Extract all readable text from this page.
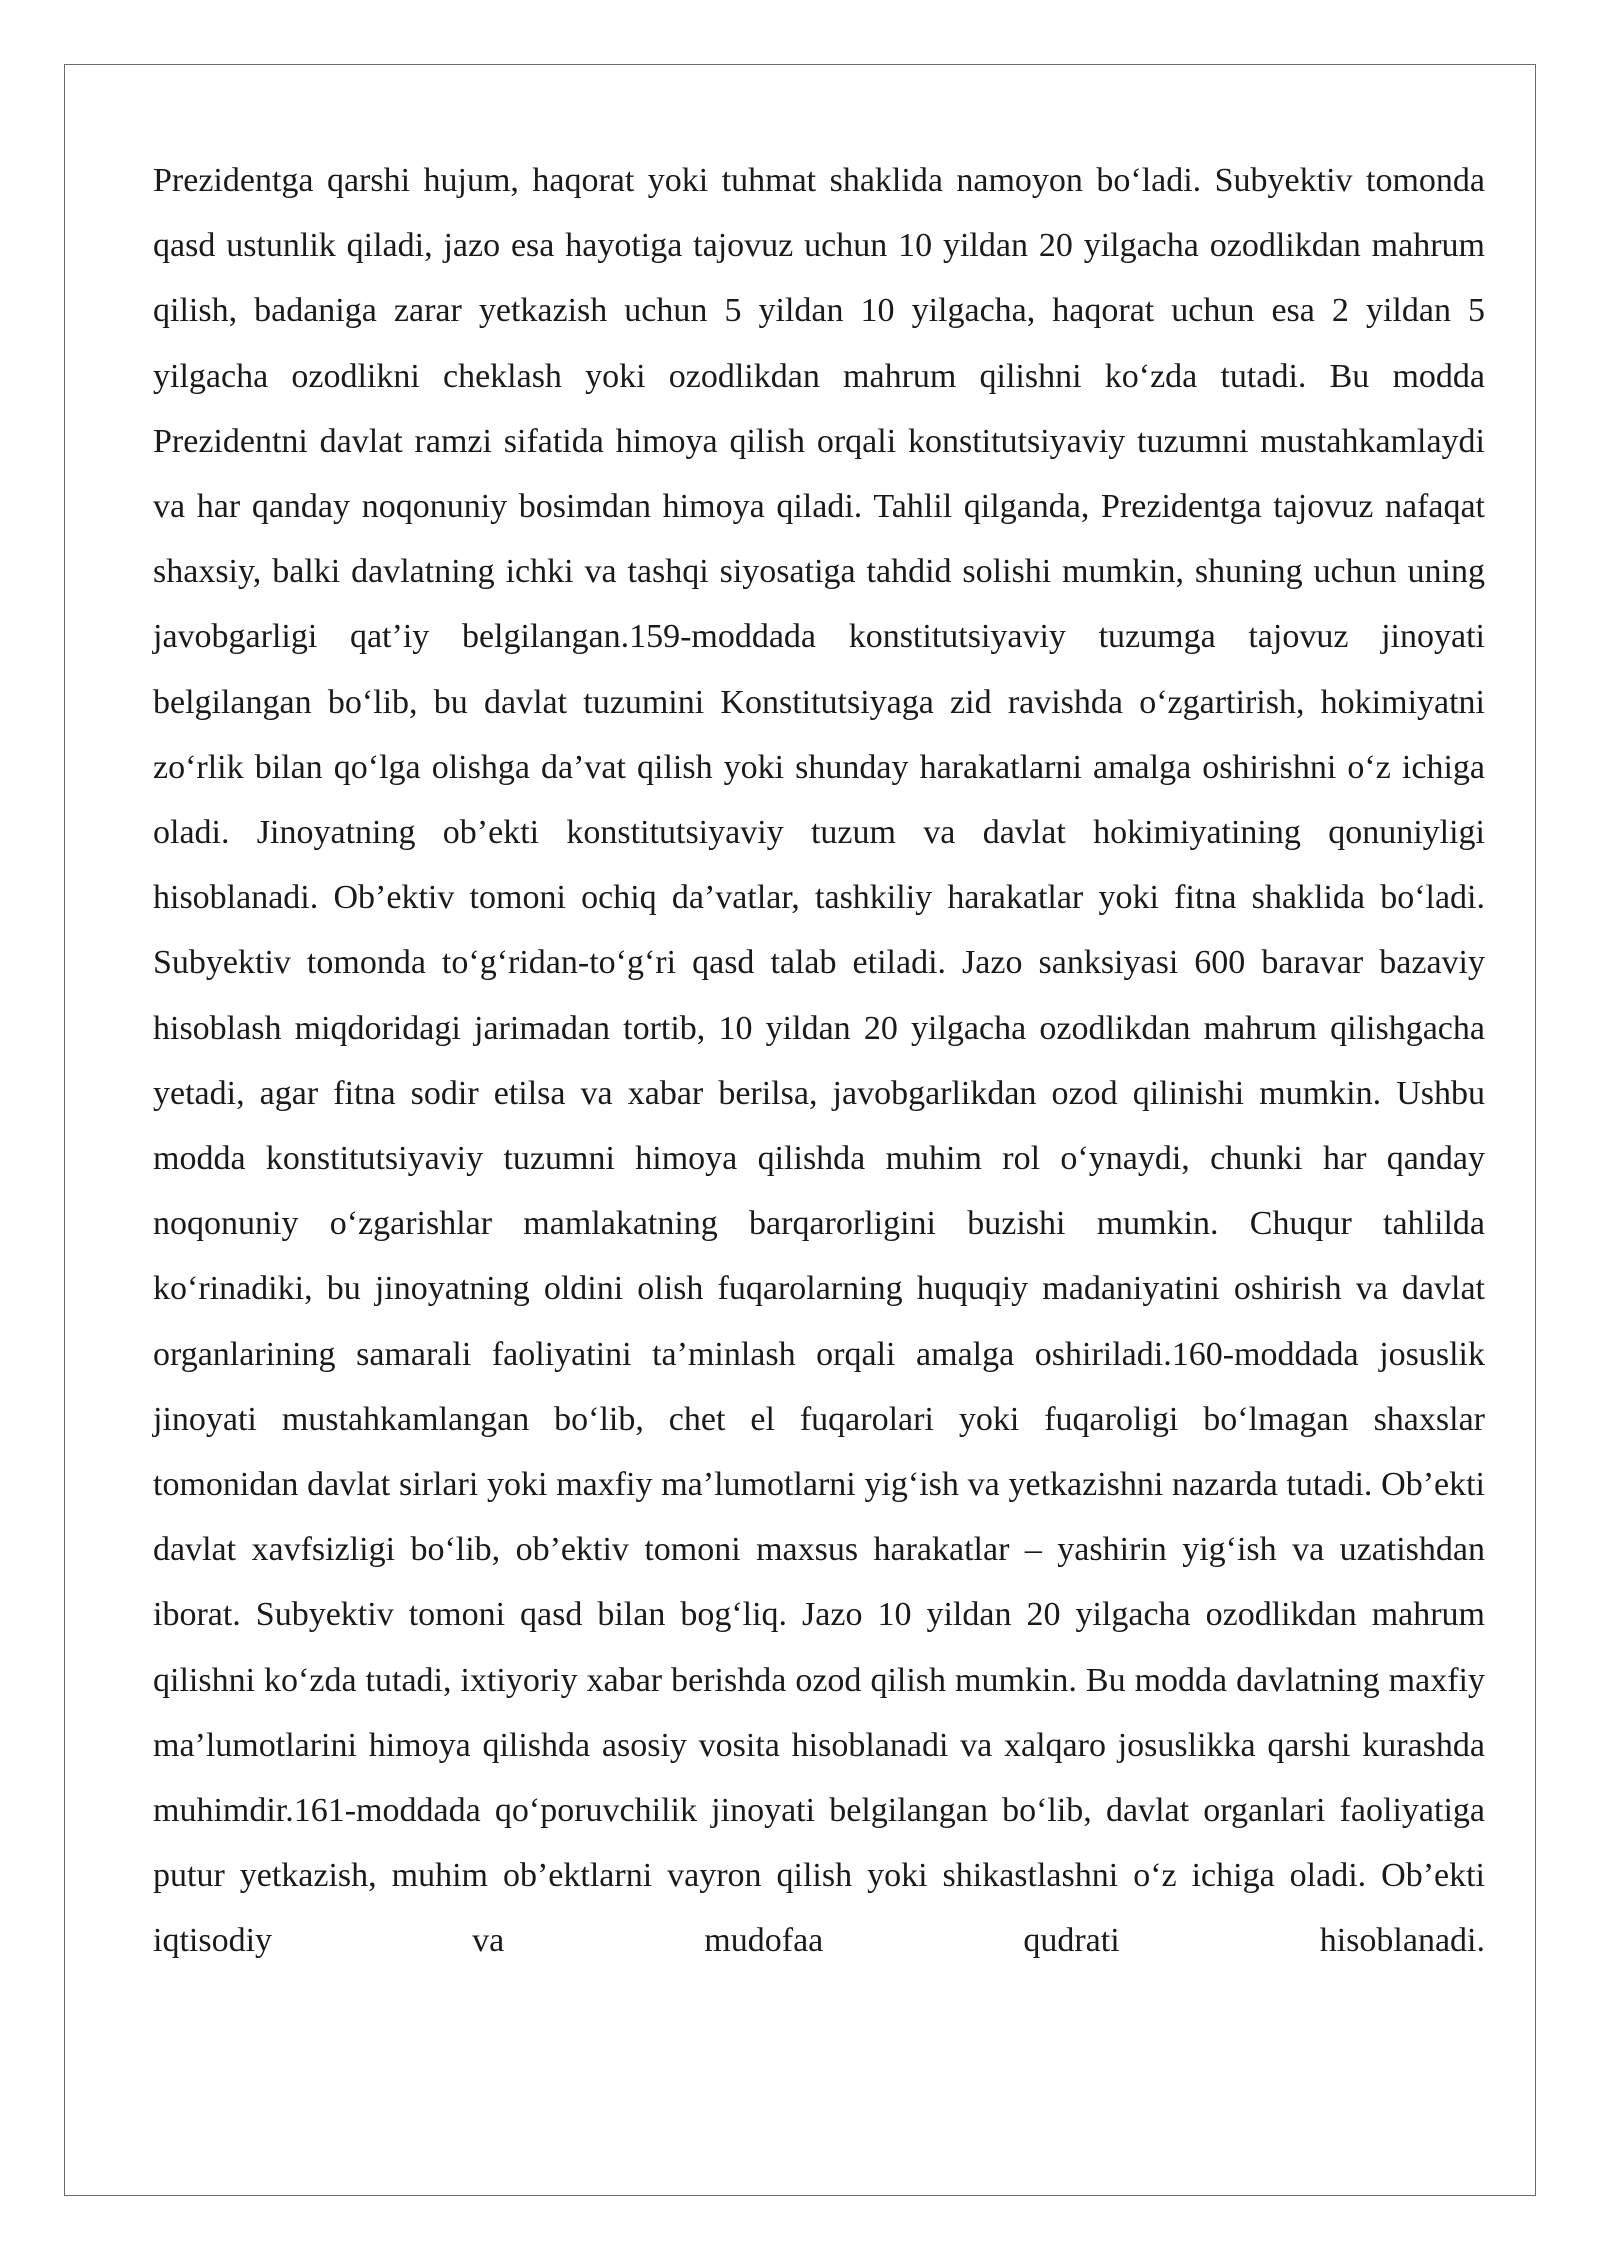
Prezidentga qarshi hujum, haqorat yoki tuhmat shaklida namoyon bo‘ladi. Subyektiv tomonda qasd ustunlik qiladi, jazo esa hayotiga tajovuz uchun 10 yildan 20 yilgacha ozodlikdan mahrum qilish, badaniga zarar yetkazish uchun 5 yildan 10 yilgacha, haqorat uchun esa 2 yildan 5 yilgacha ozodlikni cheklash yoki ozodlikdan mahrum qilishni ko‘zda tutadi. Bu modda Prezidentni davlat ramzi sifatida himoya qilish orqali konstitutsiyaviy tuzumni mustahkamlaydi va har qanday noqonuniy bosimdan himoya qiladi. Tahlil qilganda, Prezidentga tajovuz nafaqat shaxsiy, balki davlatning ichki va tashqi siyosatiga tahdid solishi mumkin, shuning uchun uning javobgarligi qat’iy belgilangan.159-moddada konstitutsiyaviy tuzumga tajovuz jinoyati belgilangan bo‘lib, bu davlat tuzumini Konstitutsiyaga zid ravishda o‘zgartirish, hokimiyatni zo‘rlik bilan qo‘lga olishga da’vat qilish yoki shunday harakatlarni amalga oshirishni o‘z ichiga oladi. Jinoyatning ob’ekti konstitutsiyaviy tuzum va davlat hokimiyatining qonuniyligi hisoblanadi. Ob’ektiv tomoni ochiq da’vatlar, tashkiliy harakatlar yoki fitna shaklida bo‘ladi. Subyektiv tomonda to‘g‘ridan-to‘g‘ri qasd talab etiladi. Jazo sanksiyasi 600 baravar bazaviy hisoblash miqdoridagi jarimadan tortib, 10 yildan 20 yilgacha ozodlikdan mahrum qilishgacha yetadi, agar fitna sodir etilsa va xabar berilsa, javobgarlikdan ozod qilinishi mumkin. Ushbu modda konstitutsiyaviy tuzumni himoya qilishda muhim rol o‘ynaydi, chunki har qanday noqonuniy o‘zgarishlar mamlakatning barqarorligini buzishi mumkin. Chuqur tahlilda ko‘rinadiki, bu jinoyatning oldini olish fuqarolarning huquqiy madaniyatini oshirish va davlat organlarining samarali faoliyatini ta’minlash orqali amalga oshiriladi.160-moddada josuslik jinoyati mustahkamlangan bo‘lib, chet el fuqarolari yoki fuqaroligi bo‘lmagan shaxslar tomonidan davlat sirlari yoki maxfiy ma’lumotlarni yig‘ish va yetkazishni nazarda tutadi. Ob’ekti davlat xavfsizligi bo‘lib, ob’ektiv tomoni maxsus harakatlar – yashirin yig‘ish va uzatishdan iborat. Subyektiv tomoni qasd bilan bog‘liq. Jazo 10 yildan 20 yilgacha ozodlikdan mahrum qilishni ko‘zda tutadi, ixtiyoriy xabar berishda ozod qilish mumkin. Bu modda davlatning maxfiy ma’lumotlarini himoya qilishda asosiy vosita hisoblanadi va xalqaro josuslikka qarshi kurashda muhimdir.161-moddada qo‘poruvchilik jinoyati belgilangan bo‘lib, davlat organlari faoliyatiga putur yetkazish, muhim ob’ektlarni vayron qilish yoki shikastlashni o‘z ichiga oladi. Ob’ekti iqtisodiy va mudofaa qudrati hisoblanadi.
